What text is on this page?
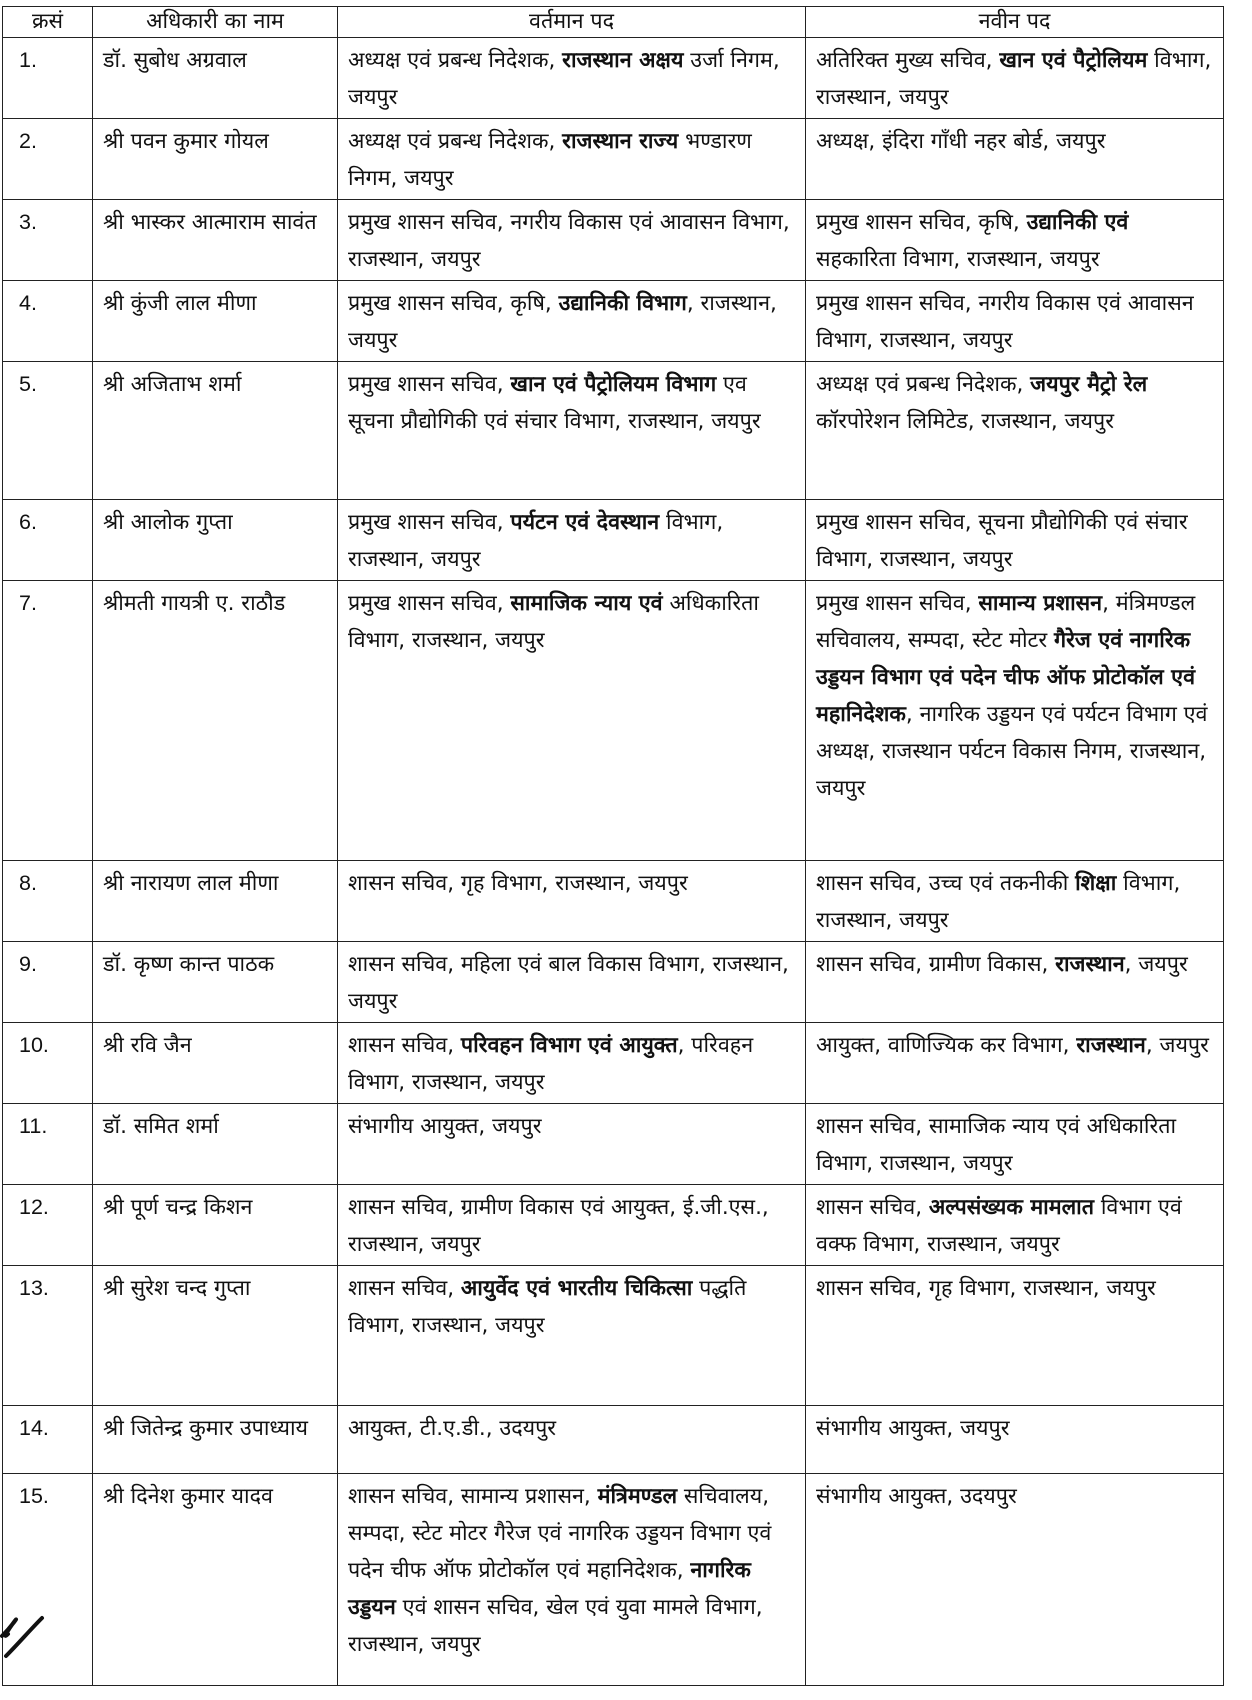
क्रसं	अधिकारी का नाम	वर्तमान पद	नवीन पद
1.	डॉ. सुबोध अग्रवाल	अध्यक्ष एवं प्रबन्ध निदेशक, राजस्थान अक्षय उर्जा निगम, जयपुर	अतिरिक्त मुख्य सचिव, खान एवं पैट्रोलियम विभाग, राजस्थान, जयपुर
2.	श्री पवन कुमार गोयल	अध्यक्ष एवं प्रबन्ध निदेशक, राजस्थान राज्य भण्डारण निगम, जयपुर	अध्यक्ष, इंदिरा गाँधी नहर बोर्ड, जयपुर
3.	श्री भास्कर आत्माराम सावंत	प्रमुख शासन सचिव, नगरीय विकास एवं आवासन विभाग, राजस्थान, जयपुर	प्रमुख शासन सचिव, कृषि, उद्यानिकी एवं सहकारिता विभाग, राजस्थान, जयपुर
4.	श्री कुंजी लाल मीणा	प्रमुख शासन सचिव, कृषि, उद्यानिकी विभाग, राजस्थान, जयपुर	प्रमुख शासन सचिव, नगरीय विकास एवं आवासन विभाग, राजस्थान, जयपुर
5.	श्री अजिताभ शर्मा	प्रमुख शासन सचिव, खान एवं पैट्रोलियम विभाग एव सूचना प्रौद्योगिकी एवं संचार विभाग, राजस्थान, जयपुर	अध्यक्ष एवं प्रबन्ध निदेशक, जयपुर मैट्रो रेल कॉरपोरेशन लिमिटेड, राजस्थान, जयपुर
6.	श्री आलोक गुप्ता	प्रमुख शासन सचिव, पर्यटन एवं देवस्थान विभाग, राजस्थान, जयपुर	प्रमुख शासन सचिव, सूचना प्रौद्योगिकी एवं संचार विभाग, राजस्थान, जयपुर
7.	श्रीमती गायत्री ए. राठौड	प्रमुख शासन सचिव, सामाजिक न्याय एवं अधिकारिता विभाग, राजस्थान, जयपुर	प्रमुख शासन सचिव, सामान्य प्रशासन, मंत्रिमण्डल सचिवालय, सम्पदा, स्टेट मोटर गैरेज एवं नागरिक उड्डयन विभाग एवं पदेन चीफ ऑफ प्रोटोकॉल एवं महानिदेशक, नागरिक उड्डयन एवं पर्यटन विभाग एवं अध्यक्ष, राजस्थान पर्यटन विकास निगम, राजस्थान, जयपुर
8.	श्री नारायण लाल मीणा	शासन सचिव, गृह विभाग, राजस्थान, जयपुर	शासन सचिव, उच्च एवं तकनीकी शिक्षा विभाग, राजस्थान, जयपुर
9.	डॉ. कृष्ण कान्त पाठक	शासन सचिव, महिला एवं बाल विकास विभाग, राजस्थान, जयपुर	शासन सचिव, ग्रामीण विकास, राजस्थान, जयपुर
10.	श्री रवि जैन	शासन सचिव, परिवहन विभाग एवं आयुक्त, परिवहन विभाग, राजस्थान, जयपुर	आयुक्त, वाणिज्यिक कर विभाग, राजस्थान, जयपुर
11.	डॉ. समित शर्मा	संभागीय आयुक्त, जयपुर	शासन सचिव, सामाजिक न्याय एवं अधिकारिता विभाग, राजस्थान, जयपुर
12.	श्री पूर्ण चन्द्र किशन	शासन सचिव, ग्रामीण विकास एवं आयुक्त, ई.जी.एस., राजस्थान, जयपुर	शासन सचिव, अल्पसंख्यक मामलात विभाग एवं वक्फ विभाग, राजस्थान, जयपुर
13.	श्री सुरेश चन्द गुप्ता	शासन सचिव, आयुर्वेद एवं भारतीय चिकित्सा पद्धति विभाग, राजस्थान, जयपुर	शासन सचिव, गृह विभाग, राजस्थान, जयपुर
14.	श्री जितेन्द्र कुमार उपाध्याय	आयुक्त, टी.ए.डी., उदयपुर	संभागीय आयुक्त, जयपुर
15.	श्री दिनेश कुमार यादव	शासन सचिव, सामान्य प्रशासन, मंत्रिमण्डल सचिवालय, सम्पदा, स्टेट मोटर गैरेज एवं नागरिक उड्डयन विभाग एवं पदेन चीफ ऑफ प्रोटोकॉल एवं महानिदेशक, नागरिक उड्डयन एवं शासन सचिव, खेल एवं युवा मामले विभाग, राजस्थान, जयपुर	संभागीय आयुक्त, उदयपुर
